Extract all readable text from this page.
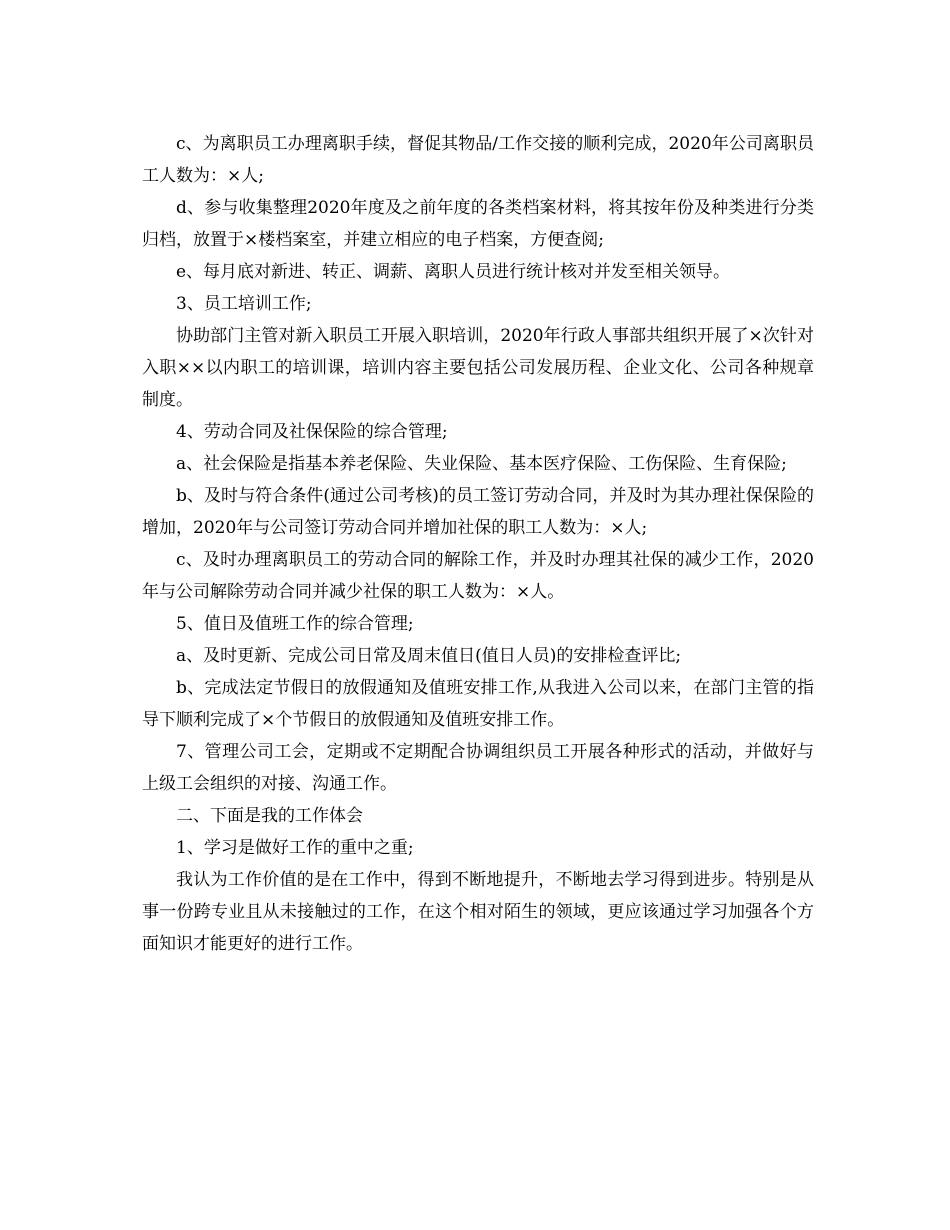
c、为离职员工办理离职手续，督促其物品/工作交接的顺利完成，2020年公司离职员工人数为：×人;

d、参与收集整理2020年度及之前年度的各类档案材料，将其按年份及种类进行分类归档，放置于×楼档案室，并建立相应的电子档案，方便查阅;

e、每月底对新进、转正、调薪、离职人员进行统计核对并发至相关领导。

3、员工培训工作;

协助部门主管对新入职员工开展入职培训，2020年行政人事部共组织开展了×次针对入职××以内职工的培训课，培训内容主要包括公司发展历程、企业文化、公司各种规章制度。

4、劳动合同及社保保险的综合管理;

a、社会保险是指基本养老保险、失业保险、基本医疗保险、工伤保险、生育保险;

b、及时与符合条件(通过公司考核)的员工签订劳动合同，并及时为其办理社保保险的增加，2020年与公司签订劳动合同并增加社保的职工人数为：×人;

c、及时办理离职员工的劳动合同的解除工作，并及时办理其社保的减少工作，2020年与公司解除劳动合同并减少社保的职工人数为：×人。

5、值日及值班工作的综合管理;

a、及时更新、完成公司日常及周末值日(值日人员)的安排检查评比;

b、完成法定节假日的放假通知及值班安排工作,从我进入公司以来，在部门主管的指导下顺利完成了×个节假日的放假通知及值班安排工作。

7、管理公司工会，定期或不定期配合协调组织员工开展各种形式的活动，并做好与上级工会组织的对接、沟通工作。

二、下面是我的工作体会

1、学习是做好工作的重中之重;

我认为工作价值的是在工作中，得到不断地提升，不断地去学习得到进步。特别是从事一份跨专业且从未接触过的工作，在这个相对陌生的领域，更应该通过学习加强各个方面知识才能更好的进行工作。
